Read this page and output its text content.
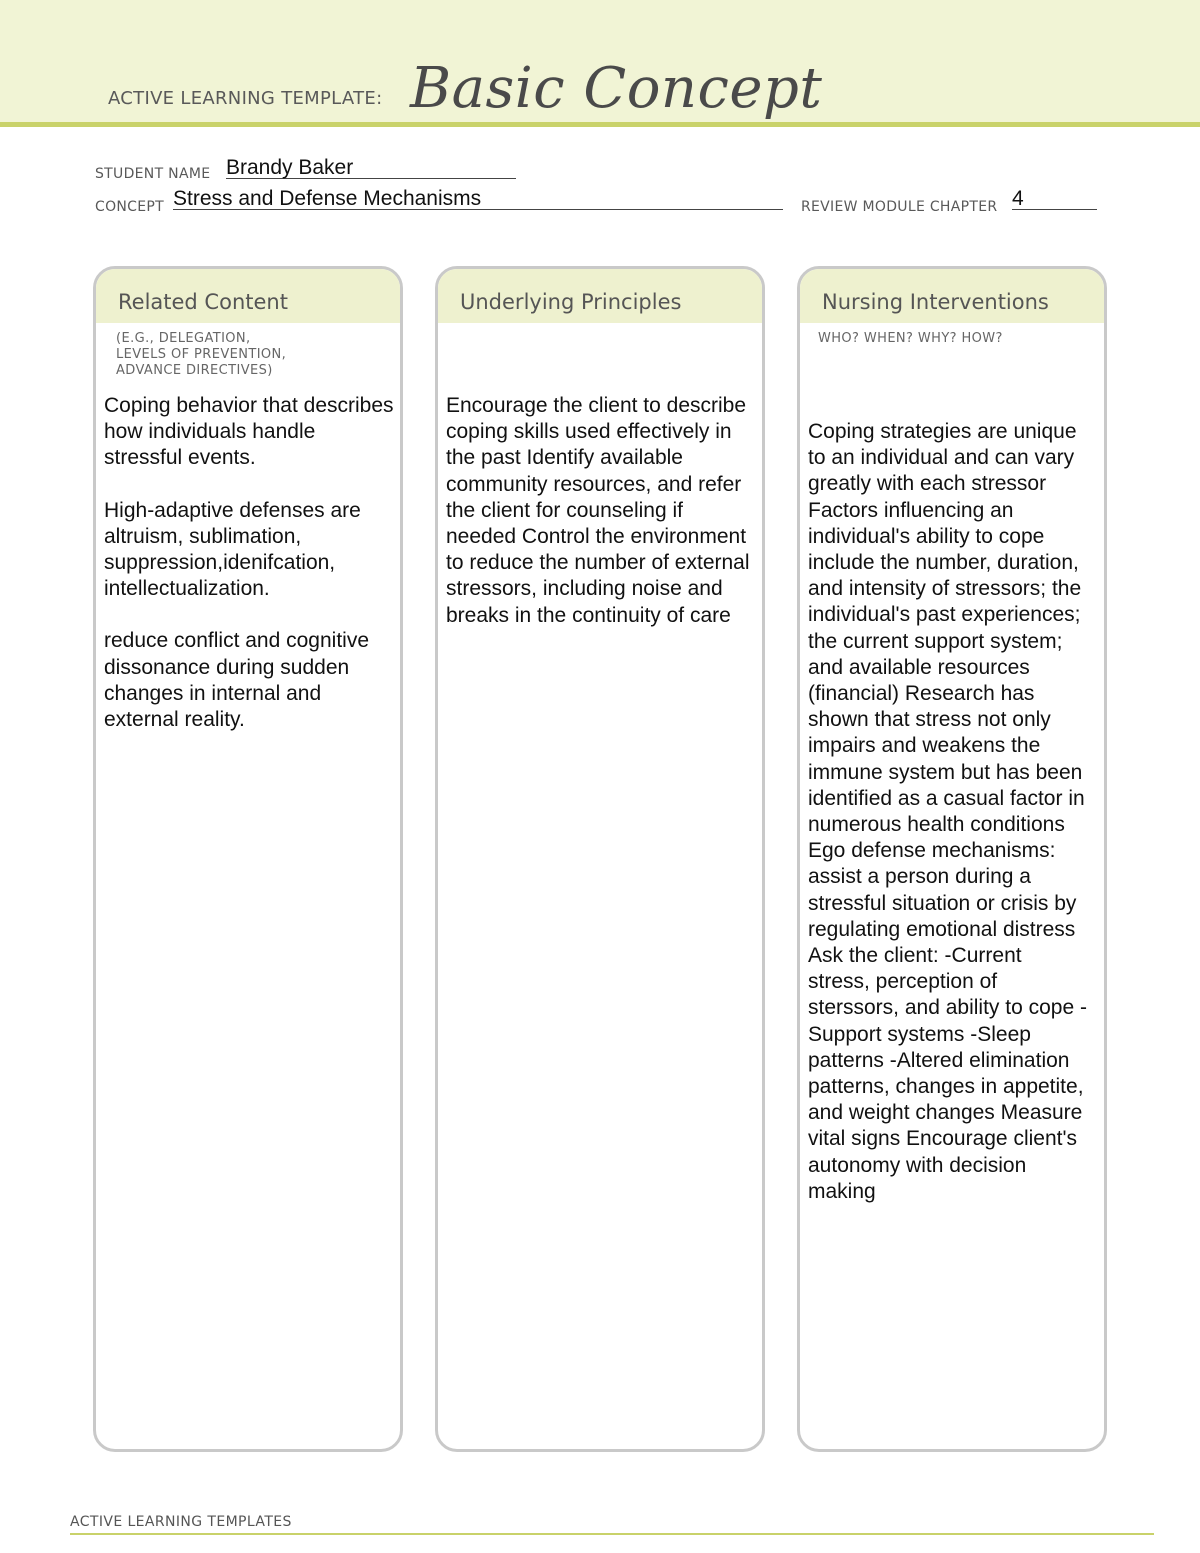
ACTIVE LEARNING TEMPLATE: Basic Concept
STUDENT NAME Brandy Baker
CONCEPT Stress and Defense Mechanisms	REVIEW MODULE CHAPTER 4
Related Content
(E.G., DELEGATION,
LEVELS OF PREVENTION,
ADVANCE DIRECTIVES)

Coping behavior that describes how individuals handle stressful events.

High-adaptive defenses are altruism, sublimation, suppression,idenifcation, intellectualization.

reduce conflict and cognitive dissonance during sudden changes in internal and external reality.

Underlying Principles

Encourage the client to describe coping skills used effectively in the past Identify available community resources, and refer the client for counseling if needed Control the environment to reduce the number of external stressors, including noise and breaks in the continuity of care

Nursing Interventions
WHO? WHEN? WHY? HOW?

Coping strategies are unique to an individual and can vary greatly with each stressor Factors influencing an individual's ability to cope include the number, duration, and intensity of stressors; the individual's past experiences; the current support system; and available resources (financial) Research has shown that stress not only impairs and weakens the immune system but has been identified as a casual factor in numerous health conditions Ego defense mechanisms: assist a person during a stressful situation or crisis by regulating emotional distress Ask the client: -Current stress, perception of sterssors, and ability to cope -Support systems -Sleep patterns -Altered elimination patterns, changes in appetite, and weight changes Measure vital signs Encourage client's autonomy with decision making

ACTIVE LEARNING TEMPLATES
